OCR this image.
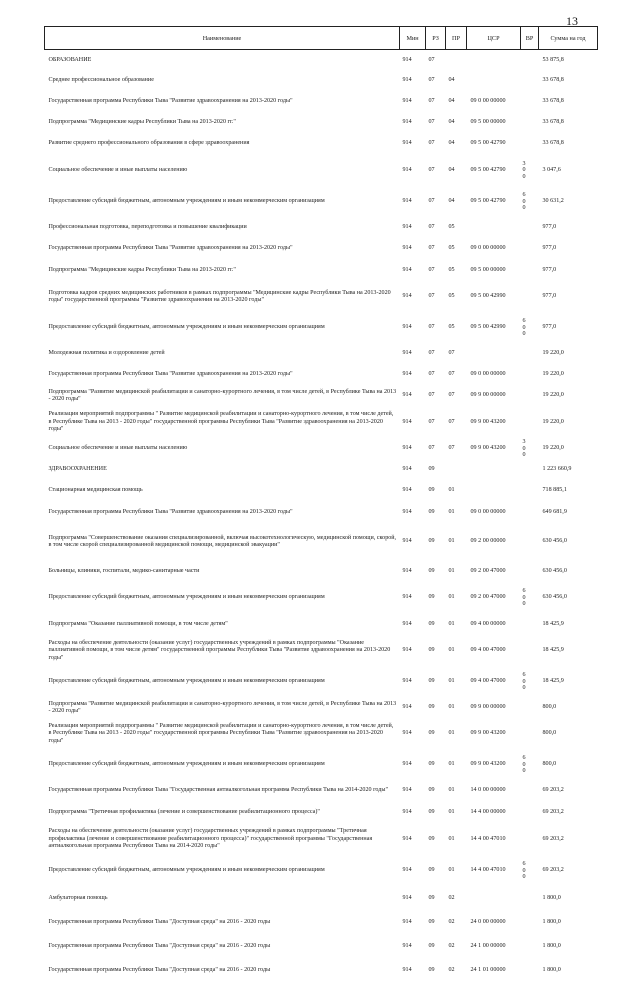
13
Наименование	Мин	РЗ	ПР	ЦСР	ВР	Сумма на год
ОБРАЗОВАНИЕ	914	07				53 875,8
Среднее профессиональное образование	914	07	04			33 678,8
Государственная программа Республики Тыва "Развитие здравоохранения на 2013-2020 годы"	914	07	04	09 0 00 00000		33 678,8
Подпрограмма "Медицинские кадры Республики Тыва на 2013-2020 гг."	914	07	04	09 5 00 00000		33 678,8
Развитие среднего профессионального образования в сфере здравоохранения	914	07	04	09 5 00 42790		33 678,8
Социальное обеспечение и иные выплаты населению	914	07	04	09 5 00 42790	300	3 047,6
Предоставление субсидий бюджетным, автономным учреждениям и иным некоммерческим организациям	914	07	04	09 5 00 42790	600	30 631,2
Профессиональная подготовка, переподготовка и повышение квалификации	914	07	05			977,0
Государственная программа Республики Тыва "Развитие здравоохранения на 2013-2020 годы"	914	07	05	09 0 00 00000		977,0
Подпрограмма "Медицинские кадры Республики Тыва на 2013-2020 гг."	914	07	05	09 5 00 00000		977,0
Подготовка кадров средних медицинских работников в рамках подпрограммы "Медицинские кадры Республики Тыва на 2013-2020 годы" государственной программы "Развитие здравоохранения на 2013-2020 годы"	914	07	05	09 5 00 42990		977,0
Предоставление субсидий бюджетным, автономным учреждениям и иным некоммерческим организациям	914	07	05	09 5 00 42990	600	977,0
Молодежная политика и оздоровление детей	914	07	07			19 220,0
Государственная программа Республики Тыва "Развитие здравоохранения на 2013-2020 годы"	914	07	07	09 0 00 00000		19 220,0
Подпрограмма "Развитие медицинской реабилитации и санаторно-курортного лечения, в том числе детей, в Республике Тыва на 2013 - 2020 годы"	914	07	07	09 9 00 00000		19 220,0
Реализация мероприятий подпрограммы " Развитие медицинской реабилитации и санаторно-курортного лечения, в том числе детей, в Республике Тыва на 2013 - 2020 годы" государственной программы Республики Тыва "Развитие здравоохранения на 2013-2020 годы"	914	07	07	09 9 00 43200		19 220,0
Социальное обеспечение и иные выплаты населению	914	07	07	09 9 00 43200	300	19 220,0
ЗДРАВООХРАНЕНИЕ	914	09				1 223 660,9
Стационарная медицинская помощь	914	09	01			718 885,1
Государственная программа Республики Тыва "Развитие здравоохранения на 2013-2020 годы"	914	09	01	09 0 00 00000		649 681,9
Подпрограмма "Совершенствование оказания специализированной, включая высокотехнологическую, медицинской помощи, скорой, в том числе скорой специализированной медицинской помощи, медицинской эвакуации"	914	09	01	09 2 00 00000		630 456,0
Больницы, клиники, госпитали, медико-санитарные части	914	09	01	09 2 00 47000		630 456,0
Предоставление субсидий бюджетным, автономным учреждениям и иным некоммерческим организациям	914	09	01	09 2 00 47000	600	630 456,0
Подпрограмма "Оказание паллиативной помощи, в том числе детям"	914	09	01	09 4 00 00000		18 425,9
Расходы на обеспечение деятельности (оказание услуг) государственных учреждений в рамках подпрограммы "Оказание паллиативной помощи, в том числе детям" государственной программы Республики Тыва "Развитие здравоохранения на 2013-2020 годы"	914	09	01	09 4 00 47000		18 425,9
Предоставление субсидий бюджетным, автономным учреждениям и иным некоммерческим организациям	914	09	01	09 4 00 47000	600	18 425,9
Подпрограмма "Развитие медицинской реабилитации и санаторно-курортного лечения, в том числе детей, в Республике Тыва на 2013 - 2020 годы"	914	09	01	09 9 00 00000		800,0
Реализация мероприятий подпрограммы " Развитие медицинской реабилитации и санаторно-курортного лечения, в том числе детей, в Республике Тыва на 2013 - 2020 годы" государственной программы Республики Тыва "Развитие здравоохранения на 2013-2020 годы"	914	09	01	09 9 00 43200		800,0
Предоставление субсидий бюджетным, автономным учреждениям и иным некоммерческим организациям	914	09	01	09 9 00 43200	600	800,0
Государственная программа Республики Тыва "Государственная антиалкогольная программа Республики Тыва на 2014-2020 годы"	914	09	01	14 0 00 00000		69 203,2
Подпрограмма "Третичная профилактика (лечение и совершенствование реабилитационного процесса)"	914	09	01	14 4 00 00000		69 203,2
Расходы на обеспечение деятельности (оказание услуг) государственных учреждений в рамках подпрограммы "Третичная профилактика (лечение и совершенствование реабилитационного процесса)" государственной программы "Государственная антиалкогольная программа Республики Тыва на 2014-2020 годы"	914	09	01	14 4 00 47010		69 203,2
Предоставление субсидий бюджетным, автономным учреждениям и иным некоммерческим организациям	914	09	01	14 4 00 47010	600	69 203,2
Амбулаторная помощь	914	09	02			1 800,0
Государственная программа Республики Тыва "Доступная среда" на 2016 - 2020 годы	914	09	02	24 0 00 00000		1 800,0
Государственная программа Республики Тыва "Доступная среда" на 2016 - 2020 годы	914	09	02	24 1 00 00000		1 800,0
Государственная программа Республики Тыва "Доступная среда" на 2016 - 2020 годы	914	09	02	24 1 01 00000		1 800,0
